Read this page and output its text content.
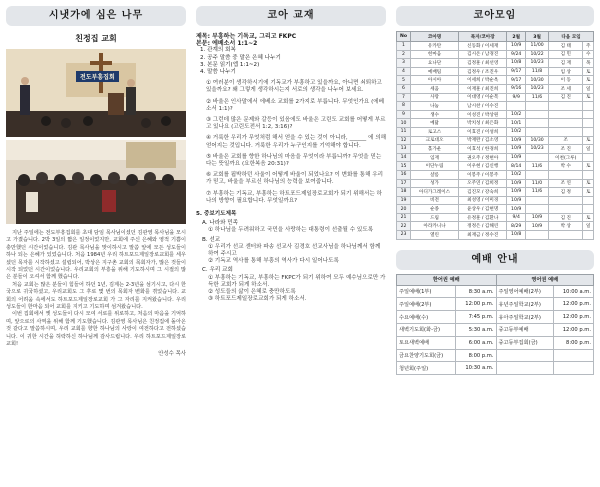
시냇가에 심은 나무
친정집 교회
전도부흥집회

지난 주일에는 전도부흥집회를 초대 담임 목사님이셨던 김관영 목사님을 모시고 가졌습니다. 2박 3일의 짧은 일정이었지만, 교회에 주신 은혜와 영적 기쁨이 충만했던 시간이었습니다. 김관 목사님을 맞이하시고 말씀 앞에 모든 성도들이 하나 되는 은혜가 있었습니다. 처음 1984년 우리 하트포드제일장로교회를 세우셨던 목자를 시작하셨고 설립되어, 박상은 지구촌 교회의 목회자가, 많은 것들이 시작 되었던 시간이었습니다. 우리교회의 부흥을 위해 기도하시며 그 시절의 많은 분들이 오셔서 함께 했습니다.

처음 교회는 많은 분들이 힘들어 하던 1년, 김계는 2-3년을 섬기시고, 다시 한국으로 귀국하셨고, 우리교회도 그 후로 몇 번의 목회자 변화를 겪었습니다. 교회의 어려움 속에서도 하트포드제일장로교회 가 그 자리를 지켜왔습니다. 우리 성도들이 한마음 되어 교회를 지키고 기도하며 섬겨왔습니다.

이번 집회에서 옛 성도들이 다시 모여 서로를 위로하고, 처음의 마음을 기억하며, 앞으로의 사역을 위해 함께 기도했습니다. 김관영 목사님은 친정집에 돌아온 것 같다고 말씀하시며, 우리 교회를 향한 하나님의 사랑이 여전하다고 전하셨습니다. 이 귀한 시간을 허락하신 하나님께 감사드립니다. 우리 하트포드제일장로교회!

안성수 목사
코아 교재
제목: 부흥하는 기독교, 그리고 FKPC
본문: 에베소서 1:1~2
1. 관계의 회복
2. 공주 말씀 중 말은 은혜 나누기
3. 본문 읽기(엡 1:1~2)
4. 말씀 나누기
① 여러분이 생각하시기에 기독교가 부흥하고 있을까요, 아니면 쇠퇴하고 있을까요? 왜 그렇게 생각하시는지 서로의 생각을 나누어 보세요.
② 바울은 인사말에서 에베소 교회를 2가지로 부릅니다. 무엇인가요 (에베소서 1:1)?
③ 그런데 많은 문제와 갈등이 있음에도 바울은 고린도 교회를 어떻게 부르고 있나요 (고린도전서 1:2, 3:16)?
④ 거룩한 우리가 무엇처럼 해서 얻을 수 있는 것이 아니라, ______ 에 의해 얻어지는 것입니다. 거룩한 우리가 누구인지를 기억해야 합니다.
⑤ 바울은 교회를 향한 하나님의 마음을 무엇이라 부릅니까? 무엇을 믿는다는 뜻일까요 (요한복음 20:31)?
⑥ 교회를 핍박하던 사울이 어떻게 바울이 되었나요? 이 변화를 통해 우리가 믿고, 바울을 부르신 하나님의 능력을 보여줍니다.
⑦ 부흥하는 기독교, 부흥하는 하트포드제일장로교회가 되기 위해서는 하나의 방향이 필요합니다. 무엇일까요?
5. 중보기도제목
A. 나라와 민족
① 하나님을 두려워하고 국민을 사랑하는 대통령이 선출될 수 있도록
B. 선교
① 우리가 선교 센터와 파송 선교사 김경호 선교사님을 하나님께서 함께 하여 주시고
② 기독교 역사를 통해 부흥의 역사가 다시 일어나도록
C. 우리 교회
① 부흥하는 기독교, 부흥하는 FKPC가 되기 위하여 모두 예수님으로만 가득한 교회가 되게 하소서.
② 성도들의 삶이 은혜로 충만하도록
③ 하트포드제일장로교회가 되게 하소서.
코아모임
No	코아명	목자/코아장	2월	3월	다음 모임	
1	유카탄	신동화 / 이세재	10/9	11/00	김 태	주
2	헌마음	김시온 / 남경진	9/24	10/22	김 민	수
3	요나단	김정훈 / 최선영	10/8	10/23	김 재	목
4	예배팀	김정우 / 조진우	9/17	11/8	임 상	토
5	아시아	이세희 / 박순옥	9/17	10/30	이 동	토
6	세움	이재훈 / 최진희	9/16	10/23	조 세	일
7	사랑	이대영 / 이순복	9/9	11/6	김 진	토
8	나눔	남시찬 / 이수진				
9	생수	이성진 / 박상원	10/2			
10	예닮	박치성 / 최은화	10/1			
11	로고스	이효진 / 이성희	10/2			
12	크로대오	박재완 / 김소영	10/9	10/30	조	토
13	홀가운	이효석 / 한경희	10/9	10/23	조 진	일
14	임재	권오주 / 정현아	10/9		이천(그루)	
15	이단누림	이우현 / 김신행	8/14	11/6	박 수	토
16	샬롬	이봉주 / 이봉주	10/2			
17	성가	오주연 / 김희정	10/9	11/0	조 연	토
18	아디가그레이스	김진모 / 강숙희	10/9	11/6	김 정	토
19	비전	최성영 / 이미경	10/9			
20	순종	윤상우 / 김현명	10/9			
21	드림	유정훈 / 김환나	9/4	10/9	김 진	토
22	아라카니나	정정은 / 김해린	8/29	10/9	박 상	일
23	열린	최재금 / 정수진	10/8			
예배 안내
한어권 예배		영어권 예배	
주일예배(1부)	8:30 a.m.	주일영어예배(2부)	10:00 a.m.
주일예배(2부)	12:00 p.m.	유년주일학교(2부)	12:00 p.m.
수요예배(수)	7:45 p.m.	유아주일학교(2부)	12:00 p.m.
새벽기도회(화-금)	5:30 a.m.	중고등부예배	12:00 p.m.
토요새벽예배	6:00 a.m.	중고등부집회(금)	8:00 p.m.
금요찬양기도회(금)	8:00 p.m.		
청년회(주일)	10:30 a.m.		
